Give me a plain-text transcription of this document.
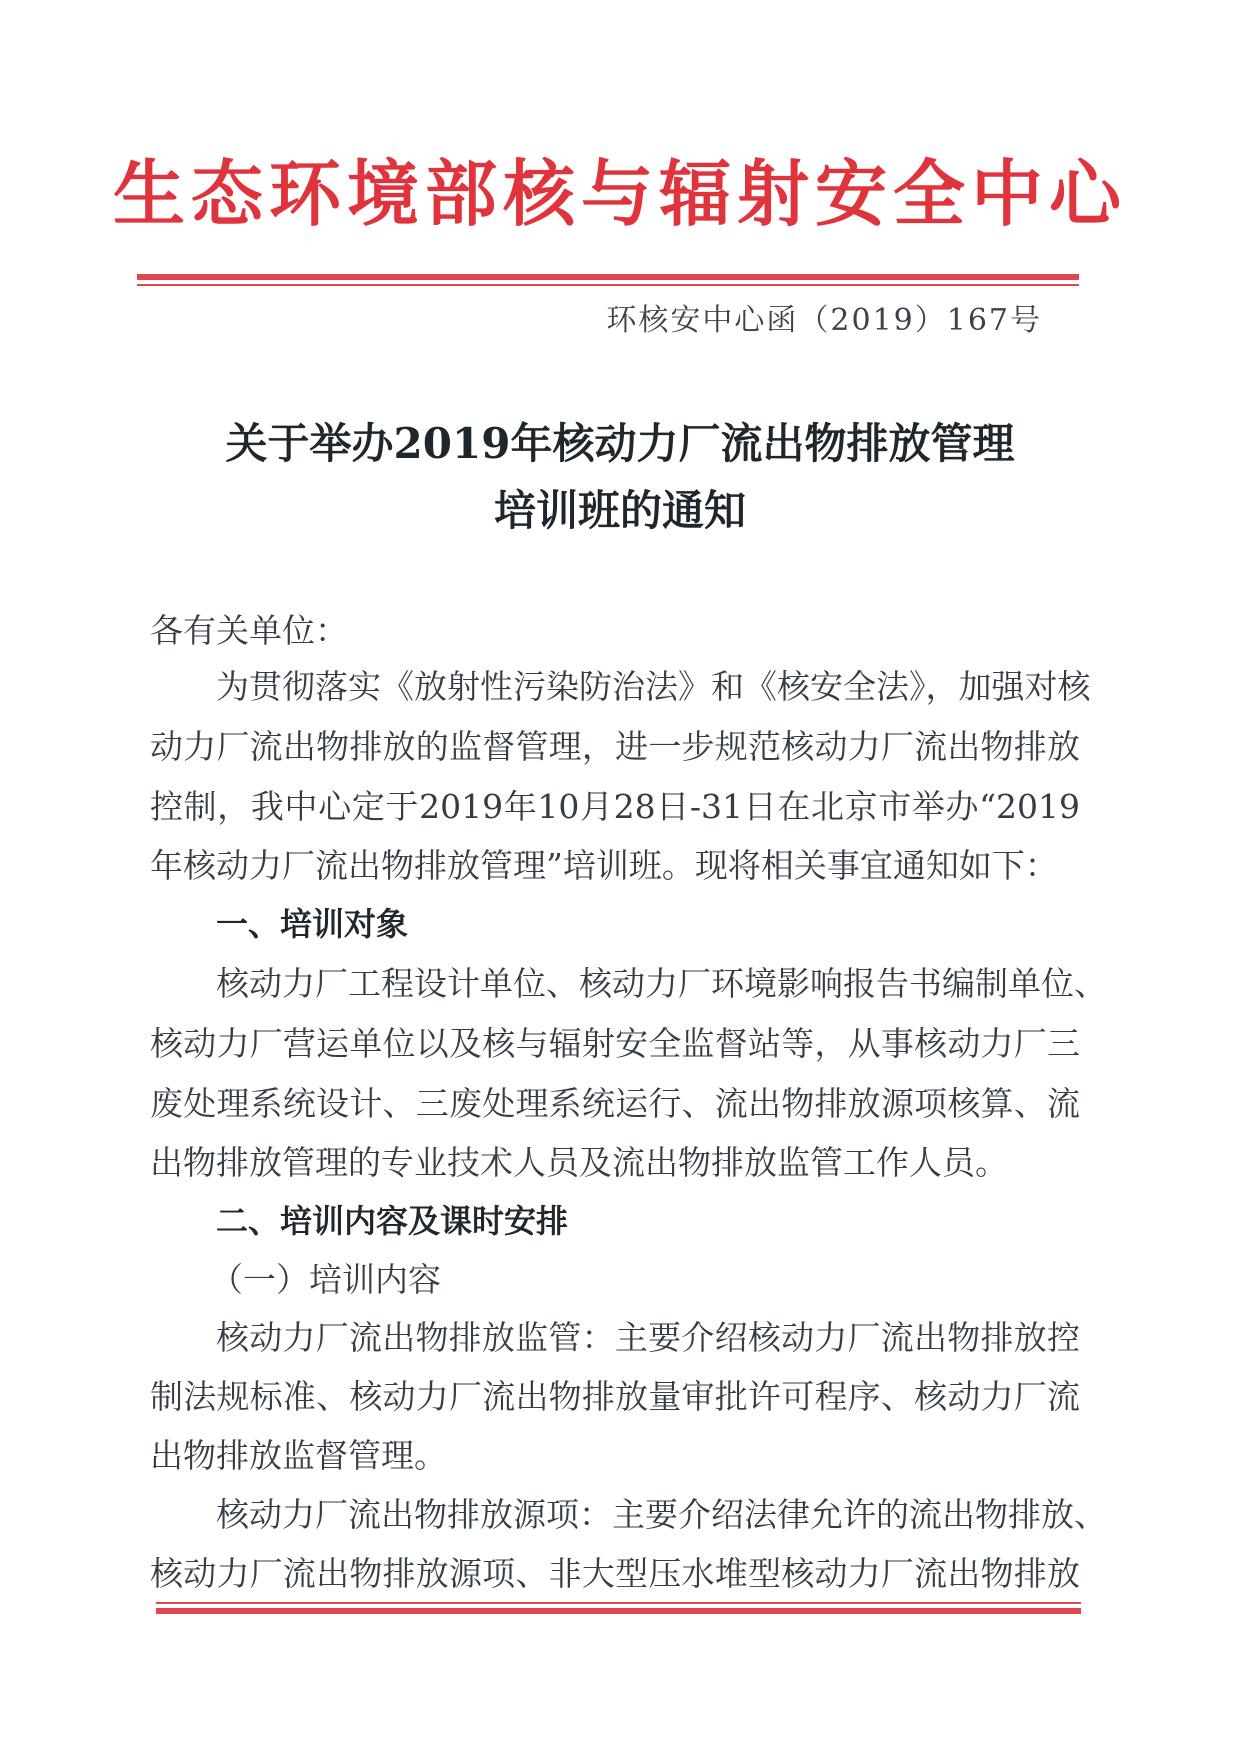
生态环境部核与辐射安全中心
环核安中心函（2019）167号
关于举办2019年核动力厂流出物排放管理
培训班的通知
各有关单位：
为贯彻落实《放射性污染防治法》和《核安全法》，加强对核
动力厂流出物排放的监督管理，进一步规范核动力厂流出物排放
控制，我中心定于2019年10月28日-31日在北京市举办“2019
年核动力厂流出物排放管理”培训班。现将相关事宜通知如下：
一、培训对象
核动力厂工程设计单位、核动力厂环境影响报告书编制单位、
核动力厂营运单位以及核与辐射安全监督站等，从事核动力厂三
废处理系统设计、三废处理系统运行、流出物排放源项核算、流
出物排放管理的专业技术人员及流出物排放监管工作人员。
二、培训内容及课时安排
（一）培训内容
核动力厂流出物排放监管：主要介绍核动力厂流出物排放控
制法规标准、核动力厂流出物排放量审批许可程序、核动力厂流
出物排放监督管理。
核动力厂流出物排放源项：主要介绍法律允许的流出物排放、
核动力厂流出物排放源项、非大型压水堆型核动力厂流出物排放
